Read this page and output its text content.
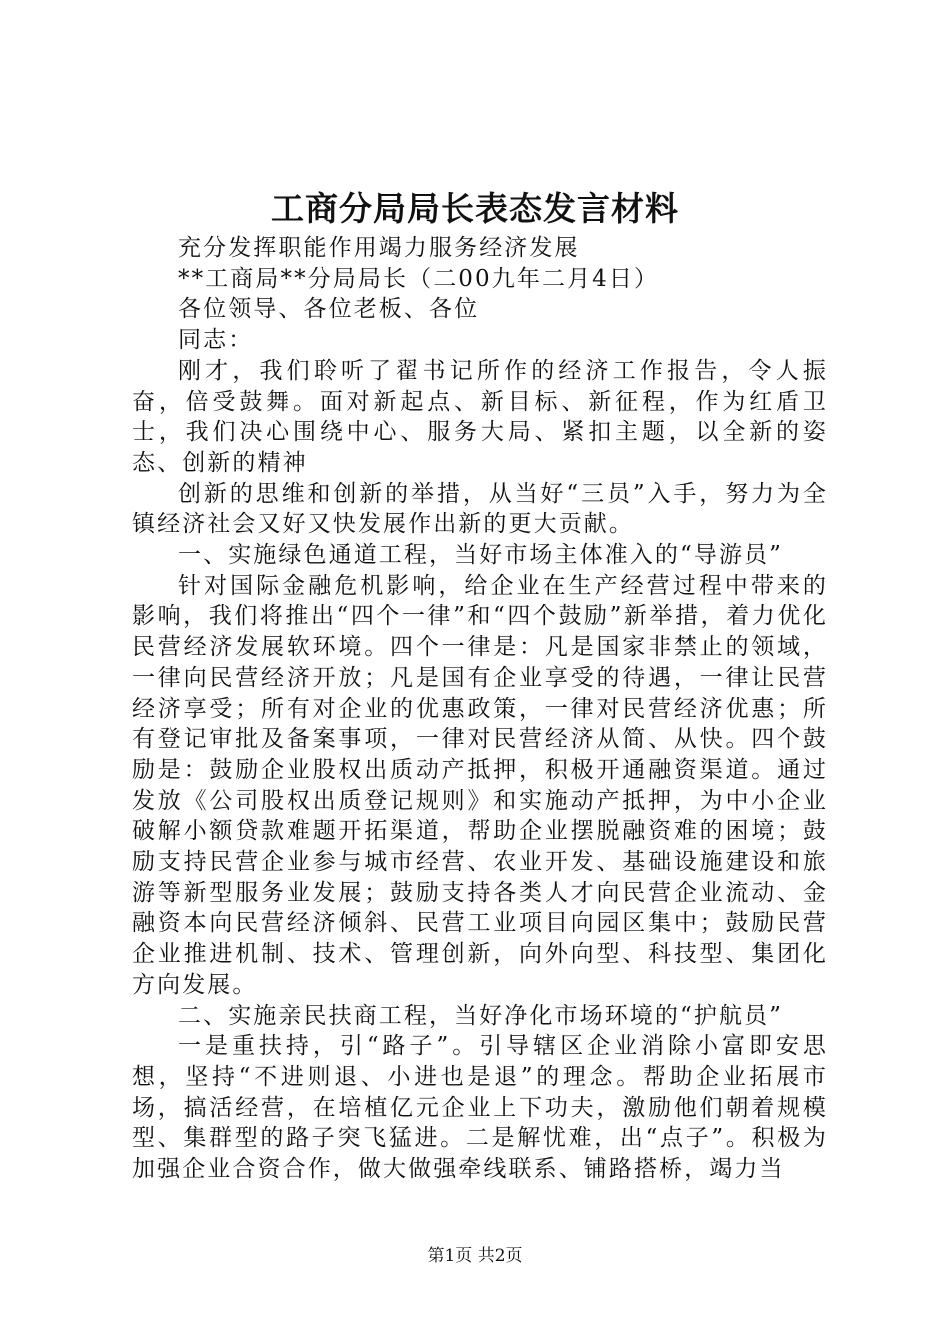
工商分局局长表态发言材料

充分发挥职能作用竭力服务经济发展

**工商局**分局局长（二00九年二月4日）

各位领导、各位老板、各位

同志：

刚才，我们聆听了翟书记所作的经济工作报告，令人振奋，倍受鼓舞。面对新起点、新目标、新征程，作为红盾卫士，我们决心围绕中心、服务大局、紧扣主题，以全新的姿态、创新的精神

创新的思维和创新的举措，从当好“三员”入手，努力为全镇经济社会又好又快发展作出新的更大贡献。

一、实施绿色通道工程，当好市场主体准入的“导游员”

针对国际金融危机影响，给企业在生产经营过程中带来的影响，我们将推出“四个一律”和“四个鼓励”新举措，着力优化民营经济发展软环境。四个一律是：凡是国家非禁止的领域，一律向民营经济开放；凡是国有企业享受的待遇，一律让民营经济享受；所有对企业的优惠政策，一律对民营经济优惠；所有登记审批及备案事项，一律对民营经济从简、从快。四个鼓励是：鼓励企业股权出质动产抵押，积极开通融资渠道。通过发放《公司股权出质登记规则》和实施动产抵押，为中小企业破解小额贷款难题开拓渠道，帮助企业摆脱融资难的困境；鼓励支持民营企业参与城市经营、农业开发、基础设施建设和旅游等新型服务业发展；鼓励支持各类人才向民营企业流动、金融资本向民营经济倾斜、民营工业项目向园区集中；鼓励民营企业推进机制、技术、管理创新，向外向型、科技型、集团化方向发展。

二、实施亲民扶商工程，当好净化市场环境的“护航员”

一是重扶持，引“路子”。引导辖区企业消除小富即安思想，坚持“不进则退、小进也是退”的理念。帮助企业拓展市场，搞活经营，在培植亿元企业上下功夫，激励他们朝着规模型、集群型的路子突飞猛进。二是解忧难，出“点子”。积极为加强企业合资合作，做大做强牵线联系、铺路搭桥，竭力当

第1页 共2页
